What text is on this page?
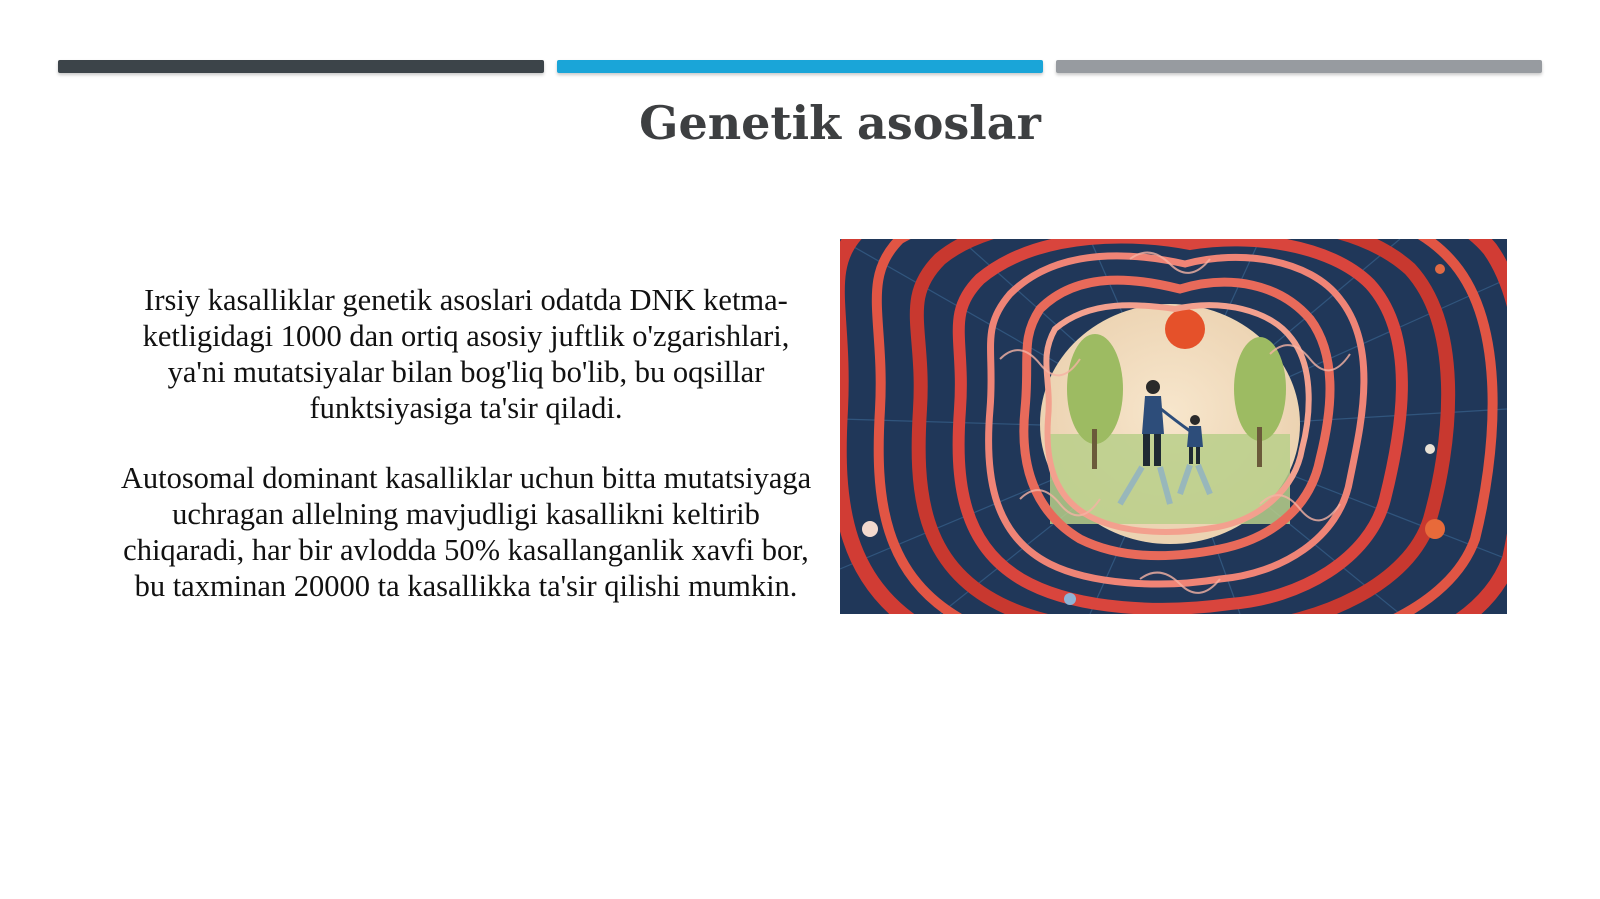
Genetik asoslar

Irsiy kasalliklar genetik asoslari odatda DNK ketma-ketligidagi 1000 dan ortiq asosiy juftlik o'zgarishlari, ya'ni mutatsiyalar bilan bog'liq bo'lib, bu oqsillar funktsiyasiga ta'sir qiladi.

Autosomal dominant kasalliklar uchun bitta mutatsiyaga uchragan allelning mavjudligi kasallikni keltirib chiqaradi, har bir avlodda 50% kasallanganlik xavfi bor, bu taxminan 20000 ta kasallikka ta'sir qilishi mumkin.
